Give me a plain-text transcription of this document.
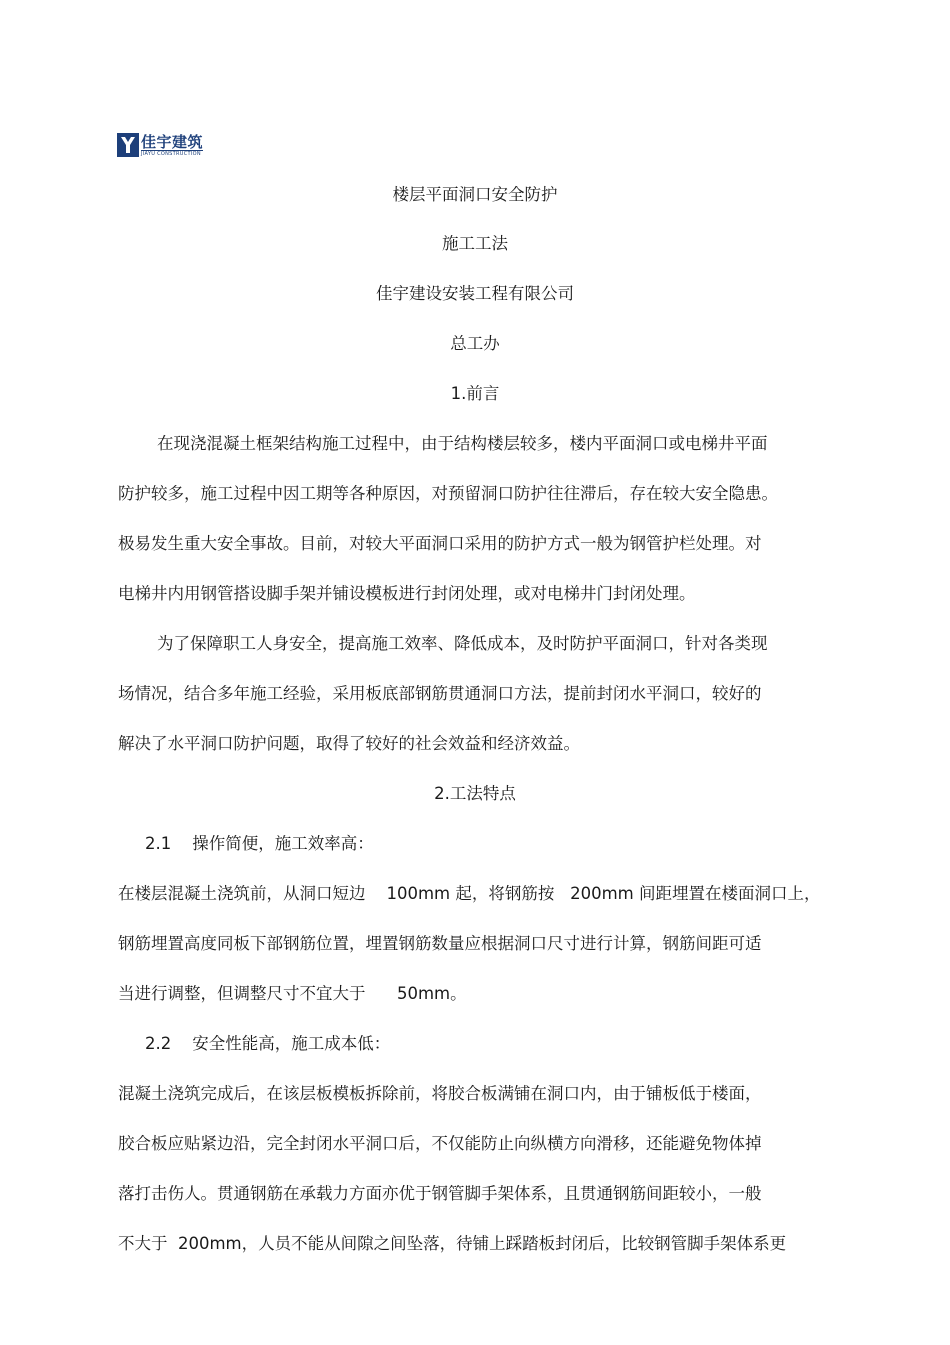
佳宇建筑
JIAYU CONSTRUCTION

楼层平面洞口安全防护

施工工法

佳宇建设安装工程有限公司

总工办

1.前言

在现浇混凝土框架结构施工过程中，由于结构楼层较多，楼内平面洞口或电梯井平面

防护较多，施工过程中因工期等各种原因，对预留洞口防护往往滞后，存在较大安全隐患。

极易发生重大安全事故。目前，对较大平面洞口采用的防护方式一般为钢管护栏处理。对

电梯井内用钢管搭设脚手架并铺设模板进行封闭处理，或对电梯井门封闭处理。

为了保障职工人身安全，提高施工效率、降低成本，及时防护平面洞口，针对各类现

场情况，结合多年施工经验，采用板底部钢筋贯通洞口方法，提前封闭水平洞口，较好的

解决了水平洞口防护问题，取得了较好的社会效益和经济效益。

2.工法特点

2.1    操作简便，施工效率高：

在楼层混凝土浇筑前，从洞口短边    100mm 起，将钢筋按   200mm 间距埋置在楼面洞口上，

钢筋埋置高度同板下部钢筋位置，埋置钢筋数量应根据洞口尺寸进行计算，钢筋间距可适

当进行调整，但调整尺寸不宜大于      50mm。

2.2    安全性能高，施工成本低：

混凝土浇筑完成后，在该层板模板拆除前，将胶合板满铺在洞口内，由于铺板低于楼面，

胶合板应贴紧边沿，完全封闭水平洞口后，不仅能防止向纵横方向滑移，还能避免物体掉

落打击伤人。贯通钢筋在承载力方面亦优于钢管脚手架体系，且贯通钢筋间距较小，一般

不大于  200mm，人员不能从间隙之间坠落，待铺上踩踏板封闭后，比较钢管脚手架体系更
